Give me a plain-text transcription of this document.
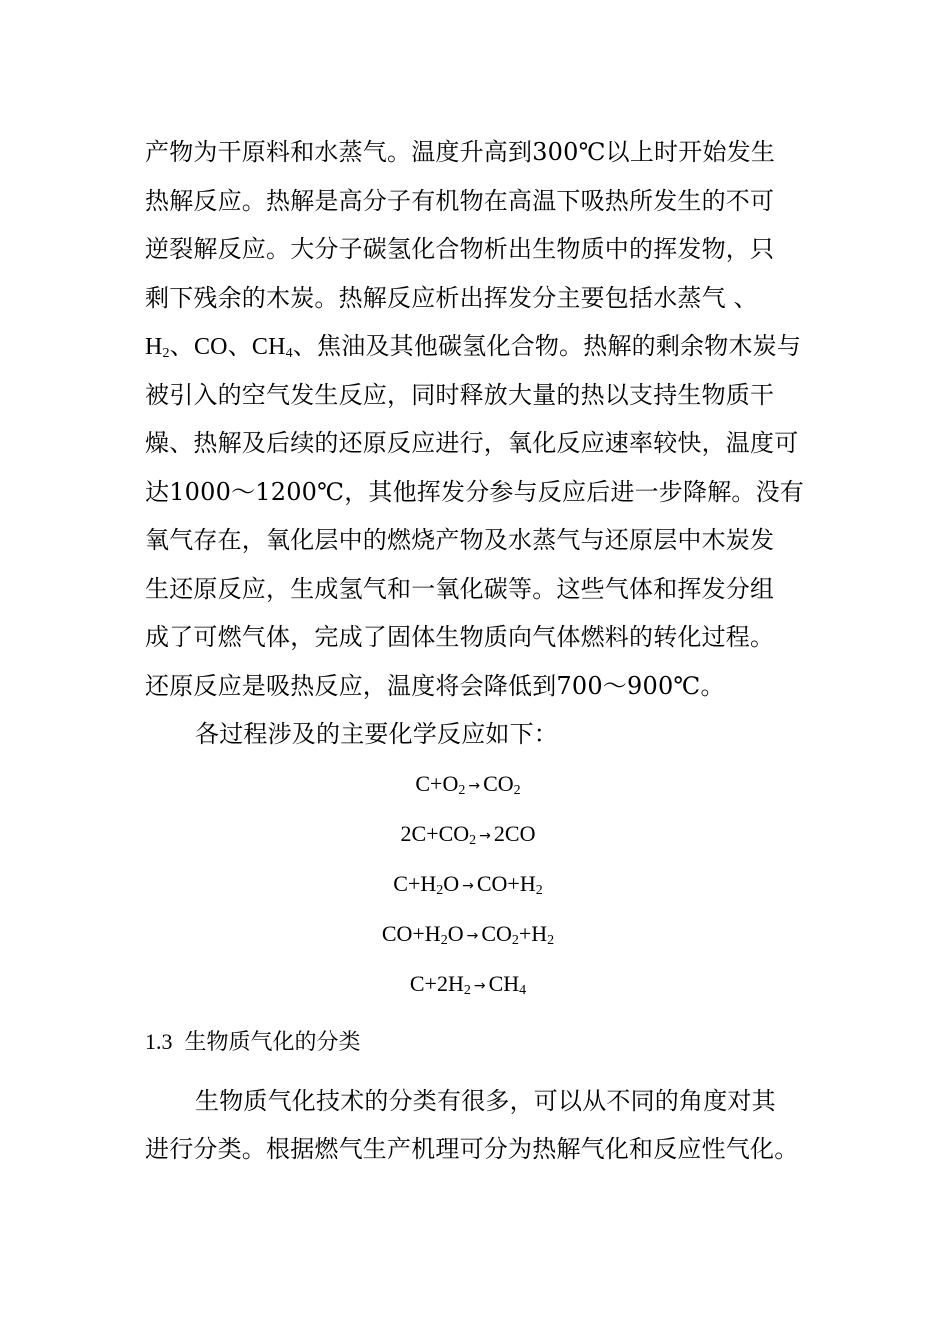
产物为干原料和水蒸气。温度升高到300℃以上时开始发生
热解反应。热解是高分子有机物在高温下吸热所发生的不可
逆裂解反应。大分子碳氢化合物析出生物质中的挥发物，只
剩下残余的木炭。热解反应析出挥发分主要包括水蒸气 、
$H_2$、CO、$CH_4$、焦油及其他碳氢化合物。热解的剩余物木炭与
被引入的空气发生反应，同时释放大量的热以支持生物质干
燥、热解及后续的还原反应进行，氧化反应速率较快，温度可
达1000～1200℃，其他挥发分参与反应后进一步降解。没有
氧气存在，氧化层中的燃烧产物及水蒸气与还原层中木炭发
生还原反应，生成氢气和一氧化碳等。这些气体和挥发分组
成了可燃气体，完成了固体生物质向气体燃料的转化过程。
还原反应是吸热反应，温度将会降低到700～900℃。
各过程涉及的主要化学反应如下：
$C+O_2 \to CO_2$
$2C+CO_2 \to 2CO$
$C+H_2O \to CO+H_2$
$CO+H_2O \to CO_2+H_2$
$C+2H_2 \to CH_4$
1.3 生物质气化的分类
生物质气化技术的分类有很多，可以从不同的角度对其
进行分类。根据燃气生产机理可分为热解气化和反应性气化。
